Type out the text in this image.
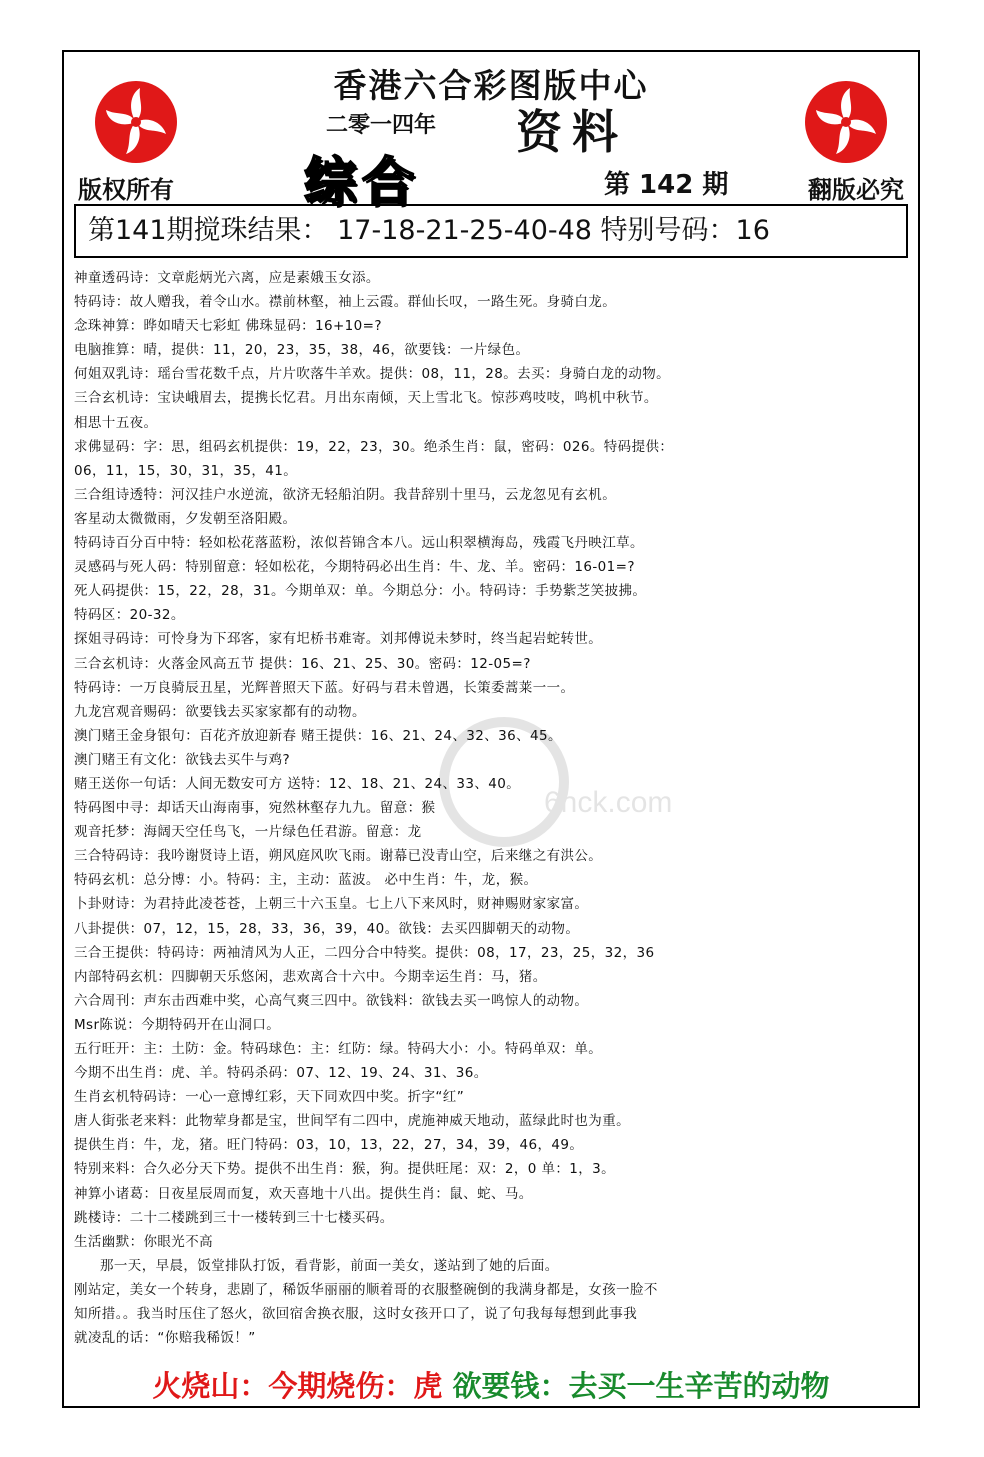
香港六合彩图版中心
二零一四年 资料
综合	第 142 期
版权所有	翻版必究
第141期搅珠结果： 17-18-21-25-40-48 特别号码：16
神童透码诗：文章彪炳光六离，应是素娥玉女添。
特码诗：故人赠我，着令山水。襟前林壑，袖上云霞。群仙长叹，一路生死。身骑白龙。
念珠神算：晔如晴天七彩虹 佛珠显码：16+10=?
电脑推算：晴，提供：11，20，23，35，38，46，欲要钱：一片绿色。
何姐双乳诗：瑶台雪花数千点，片片吹落牛羊欢。提供：08，11，28。去买：身骑白龙的动物。
三合玄机诗：宝诀峨眉去，提携长忆君。月出东南倾，天上雪北飞。惊莎鸡吱吱，鸣机中秋节。
相思十五夜。
求佛显码：字：思，组码玄机提供：19，22，23，30。绝杀生肖：鼠，密码：026。特码提供：
06，11，15，30，31，35，41。
三合组诗透特：河汉挂户水逆流，欲济无轻船泊阴。我昔辞别十里马，云龙忽见有玄机。
客星动太微微雨，夕发朝至洛阳殿。
特码诗百分百中特：轻如松花落蓝粉，浓似苔锦含本八。远山积翠横海岛，残霞飞丹映江草。
灵感码与死人码：特别留意：轻如松花，今期特码必出生肖：牛、龙、羊。密码：16-01=?
死人码提供：15，22，28，31。今期单双：单。今期总分：小。特码诗：手势紫芝笑披拂。
特码区：20-32。
探姐寻码诗：可怜身为下邳客，家有圯桥书难寄。刘邦傅说未梦时，终当起岩蛇转世。
三合玄机诗：火落金风高五节 提供：16、21、25、30。密码：12-05=?
特码诗：一万良骑辰丑星，光辉普照天下蓝。好码与君未曾遇，长策委蒿莱一一。
九龙宫观音赐码：欲要钱去买家家都有的动物。
澳门赌王金身银句：百花齐放迎新春 赌王提供：16、21、24、32、36、45。
澳门赌王有文化：欲钱去买牛与鸡?
赌王送你一句话：人间无数安可方 送特：12、18、21、24、33、40。
特码图中寻：却话天山海南事，宛然林壑存九九。留意：猴
观音托梦：海阔天空任鸟飞，一片绿色任君游。留意：龙
三合特码诗：我吟谢贤诗上语，朔风庭风吹飞雨。谢幕已没青山空，后来继之有洪公。
特码玄机：总分博：小。特码：主，主动：蓝波。 必中生肖：牛，龙，猴。
卜卦财诗：为君持此凌苍苍，上朝三十六玉皇。七上八下来风时，财神赐财家家富。
八卦提供：07，12，15，28，33，36，39，40。欲钱：去买四脚朝天的动物。
三合王提供：特码诗：两袖清风为人正，二四分合中特奖。提供：08，17，23，25，32，36
内部特码玄机：四脚朝天乐悠闲，悲欢离合十六中。今期幸运生肖：马，猪。
六合周刊：声东击西难中奖，心高气爽三四中。欲钱料：欲钱去买一鸣惊人的动物。
Msr陈说：今期特码开在山洞口。
五行旺开：主：土防：金。特码球色：主：红防：绿。特码大小：小。特码单双：单。
今期不出生肖：虎、羊。特码杀码：07、12、19、24、31、36。
生肖玄机特码诗：一心一意博红彩，天下同欢四中奖。折字“红”
唐人街张老来料：此物荤身都是宝，世间罕有二四中，虎施神威天地动，蓝绿此时也为重。
提供生肖：牛，龙，猪。旺门特码：03，10，13，22，27，34，39，46，49。
特别来料：合久必分天下势。提供不出生肖：猴，狗。提供旺尾：双：2，0 单：1，3。
神算小诸葛：日夜星辰周而复，欢天喜地十八出。提供生肖：鼠、蛇、马。
跳楼诗：二十二楼跳到三十一楼转到三十七楼买码。
生活幽默：你眼光不高
那一天，早晨，饭堂排队打饭，看背影，前面一美女，遂站到了她的后面。
刚站定，美女一个转身，悲剧了，稀饭华丽丽的顺着哥的衣服整碗倒的我满身都是，女孩一脸不
知所措。。我当时压住了怒火，欲回宿舍换衣服，这时女孩开口了，说了句我每每想到此事我
就凌乱的话：“你赔我稀饭！”
火烧山：今期烧伤：虎 欲要钱：去买一生辛苦的动物
6hck.com
